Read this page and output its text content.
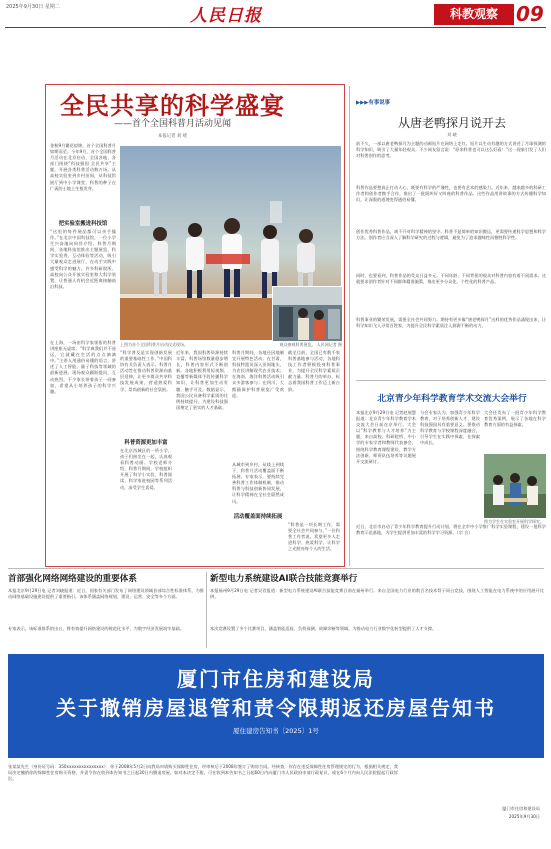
2025年9月30日 星期二	人民日报	科教观察 09
全民共享的科学盛宴
——首个全国科普月活动见闻
本报记者 刘 峣
金秋9月繁花似锦，首个全国科普月如期而至。今年9月，首个全国科普月活动在北京启动，全国各地、各部门围绕“科技强国 全民共享”主题，开展各类科普活动数万场。从高校实验室到乡村田间，从科技馆展厅到中小学课堂，科普的种子在广袤的土地上生根发芽。
把实验室搬进科技馆
“这里的每件展品都可以亲手操作。”在北京中国科技馆，一位小学生兴奋地向同伴介绍。科普月期间，各地科技馆推出主题展览、科学实验秀、互动体验等活动，吸引大量观众走进展厅，在动手实践中感受科学的魅力。许多科研院所、高校向公众开放实验室和大科学装置，让普通人有机会近距离接触前沿科技。
在上海，一场由科学家领衔的科普讲座座无虚席。“科学离我们并不遥远，它就藏在生活的点点滴滴中。”主讲人用通俗易懂的语言，讲述了人工智能、量子科技等领域的最新进展。现场观众踊跃提问，互动热烈。不少家长带着孩子一同参加，希望从小培养孩子的科学兴趣。
上图为首个全国科普月启动仪式现场。	观众参观科普展览。 人民网记者 摄
“科学普及是实现创新发展的重要基础性工作。”中国科协有关负责人表示，科普月活动旨在推动科普资源向基层延伸，让更多群众共享科技发展成果，营造热爱科学、崇尚创新的社会氛围。
科普资源更加丰富
在北京西城区的一所小学，孩子们围坐在一起，认真观看科普动画。学校老师介绍，科普月期间，学校组织开展了科学小实验、科普阅读、科学家进校园等系列活动，深受学生喜爱。
近年来，我国科普资源持续丰富，科普场馆数量稳步增长，科普内容形式不断创新。各地积极利用短视频、直播等新媒体手段传播科学知识，让科普更加生动有趣、触手可及。数据显示，我国公民具备科学素质的比例持续提升，为建设科技强国奠定了坚实的人才基础。
科普月期间，各地还因地制宜开展特色活动。在甘肃，科技特派员深入田间地头，为农民讲解现代农业技术；在海南，海洋科普活动吸引众多游客参与；在四川，大熊猫保护科普展览广受欢迎。
活动覆盖面持续拓展
从城市到乡村，从线上到线下，科普月活动覆盖面不断拓展。专家表示，要持续完善科普工作体制机制，推动科普与科技创新协同发展，让科学精神在全社会蔚然成风。
截至目前，全国已有数千家科普基地参与活动，各地科技工作者积极投身科普事业，为提升全民科学素质贡献力量。科普月的举办，标志着我国科普工作迈上新台阶。
“科普是一项长期工作，需要全社会共同参与。”一位科普工作者说，希望更多人走进科学、热爱科学，让科学之光照亮每个人的生活。
▶▶▶有事说事
从唐老鸭探月说开去
刘 峣
前不久，一部以唐老鸭探月为主题的动画短片在网络上走红。短片以生动有趣的方式讲述了月球探测的科学知识，吸引了大量年轻观众。不少网友留言说：“原来科普也可以这么好看！”这一现象引发了人们对科普创作的思考。
科普作品要想真正打动人心，既要有科学的严谨性，也要有艺术的感染力。近年来，越来越多的科研工作者和创作者携手合作，推出了一批既叫好又叫座的科普作品。这些作品用讲故事的方式传播科学知识，让深奥的道理变得通俗易懂。
创作优秀科普作品，离不开对科学精神的坚守。科普不是简单的知识搬运，更需要传递科学思想和科学方法。创作者应当深入了解科学研究的过程与逻辑，避免为了追求趣味性而牺牲科学性。
同时，也要看到，科普作品的受众日益多元。不同年龄、不同背景的观众对科普内容有着不同需求。这就要求创作者针对不同群体精准施策，推出更多分众化、个性化的科普产品。
科普事业的繁荣发展，需要全社会共同努力。期待有更多像“唐老鸭探月”这样的优秀作品涌现出来，让科学知识飞入寻常百姓家，为提升全民科学素质注入源源不断的动力。
北京青少年科学教育学术交流大会举行
本报北京9月29日电 记者赵展慧报道：北京青少年科学教育学术交流大会日前在京举行。大会以“科学教育与人才培养”为主题，来自高校、科研院所、中小学的专家学者和教师代表参会，围绕科学教育课程建设、教学方法创新、师资队伍培养等议题展开交流研讨。
与会专家认为，加强青少年科学教育，对于培养创新人才、建设科技强国具有重要意义。要推动科学教育与学校课程深度融合，引导学生在实践中探索、在探索中成长。
大会还发布了一批青少年科学教育优秀案例，展示了各地在科学教育方面的有益探索。
近日，北京市启动了青少年科学教育提升行动计划，将在全市中小学推广科学实验课程，建设一批科学教育示范基地，为学生提供更加丰富的科学学习资源。（宗 合）
图为学生在实验室开展科学探究。
首部强化网络网络建设的重要体系
本报北京9月29日电 记者刘峣报道：近日，国家有关部门发布了网络建设领域首部综合性标准体系，为推动网络基础设施建设提供了重要指引。该体系涵盖网络规划、建设、运营、安全等多个方面。
专家表示，该标准体系的出台，将有效提升网络建设的规范化水平，为数字经济发展筑牢基础。
新型电力系统建设AI联合技能竞赛举行
本报福州9月29日电 记者吴君报道：新型电力系统建设AI联合技能竞赛日前在福州举行。来自全国电力行业的数百名技术骨干同台竞技，围绕人工智能在电力系统中的应用展开比拼。
本次竞赛设置了多个比赛项目，涵盖智能巡检、负荷预测、故障诊断等领域，为推动电力行业数字化转型提供了人才支撑。
厦门市住房和建设局
关于撤销房屋退管和责令限期返还房屋告知书
厦住建房告知书〔2025〕1号
张某某先生（身份证号码：350xxxxxxxxxxxxxxx）：你于2008年5月2日向我局申请购买保障性住房，经审核后于2008年签订了购房合同。经核查，你存在违反保障性住房管理规定的行为，根据相关规定，我局决定撤销你的保障性住房购买资格，并责令你在收到本告知书之日起30日内腾退房屋。如对本决定不服，可在收到本告知书之日起60日内向厦门市人民政府申请行政复议，或在6个月内向人民法院提起行政诉讼。
厦门市住房和建设局
2025年9月30日
